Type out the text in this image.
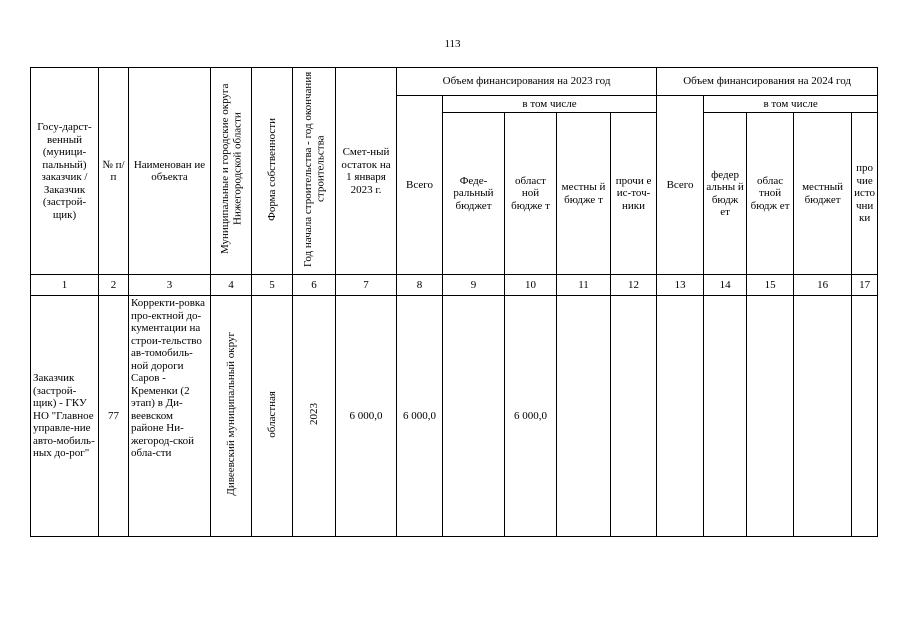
113
Госу-дарст-венный (муници-пальный) заказчик / Заказчик (застрой-щик)	№ п/п	Наименован ие объекта	Муниципальные и городские округа Нижегородской области	Форма собственности	Год начала строительства - год окончания строительства	Смет-ный остаток на 1 января 2023 г.	Объем финансирования на 2023 год					Объем финансирования на 2024 год				
							Всего	в том числе				Всего	в том числе			
								Феде-ральный бюджет	област ной бюдже т	местны й бюдже т	прочи е ис-точ-ники		федер альны й бюдж ет	облас тной бюдж ет	местный бюджет	прочиеисточники
1	2	3	4	5	6	7	8	9	10	11	12	13	14	15	16	17
Заказчик (застрой-щик) - ГКУ НО "Главное управле-ние авто-мобиль-ных до-рог"	77	Корректи-ровка про-ектной до-кументации на строи-тельство ав-томобиль-ной дороги Саров - Кременки (2 этап) в Ди-веевском районе Ни-жегород-ской обла-сти	Дивеевский муниципальный округ	областная	2023	6 000,0	6 000,0		6 000,0							
